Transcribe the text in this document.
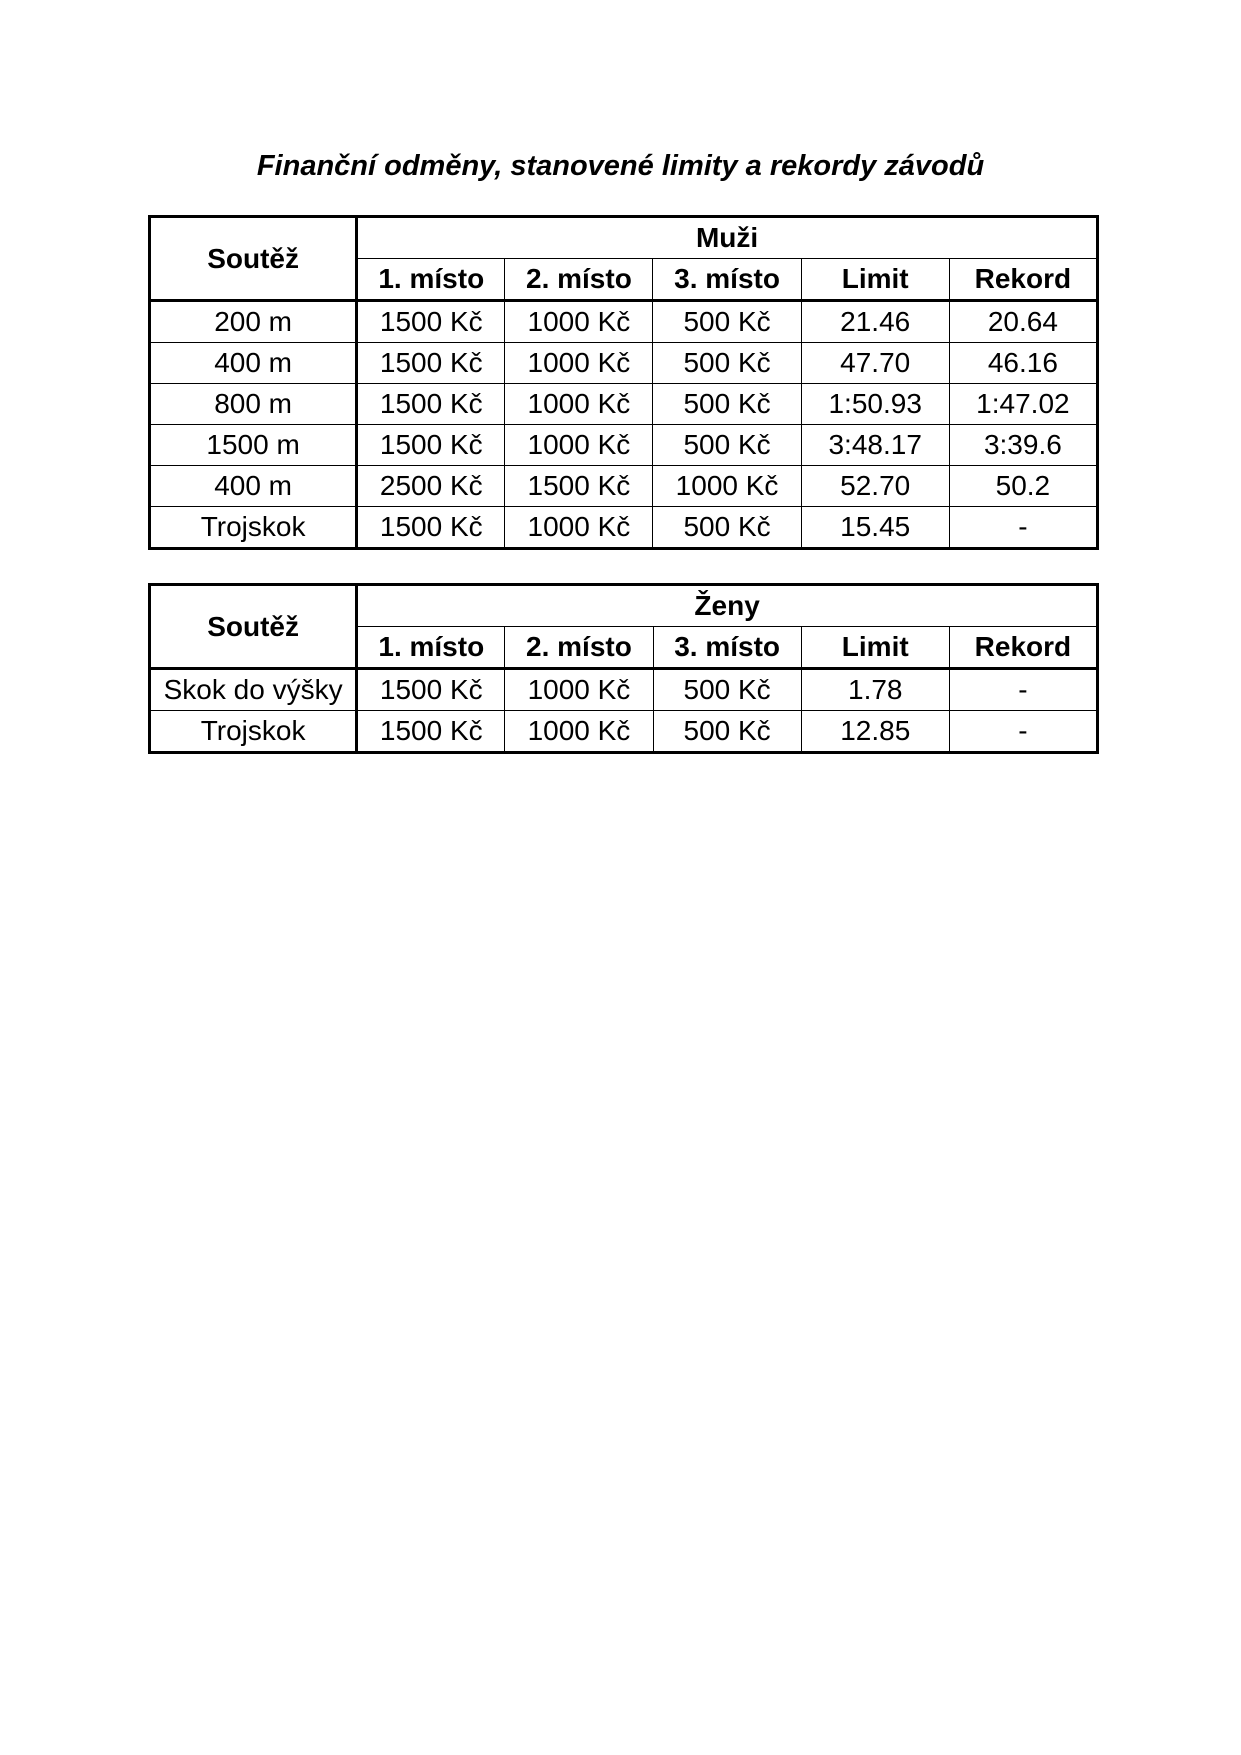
Finanční odměny, stanovené limity a rekordy závodů
Soutěž	Muži				
	1. místo	2. místo	3. místo	Limit	Rekord
200 m	1500 Kč	1000 Kč	500 Kč	21.46	20.64
400 m	1500 Kč	1000 Kč	500 Kč	47.70	46.16
800 m	1500 Kč	1000 Kč	500 Kč	1:50.93	1:47.02
1500 m	1500 Kč	1000 Kč	500 Kč	3:48.17	3:39.6
400 m	2500 Kč	1500 Kč	1000 Kč	52.70	50.2
Trojskok	1500 Kč	1000 Kč	500 Kč	15.45	-
Soutěž	Ženy				
	1. místo	2. místo	3. místo	Limit	Rekord
Skok do výšky	1500 Kč	1000 Kč	500 Kč	1.78	-
Trojskok	1500 Kč	1000 Kč	500 Kč	12.85	-
